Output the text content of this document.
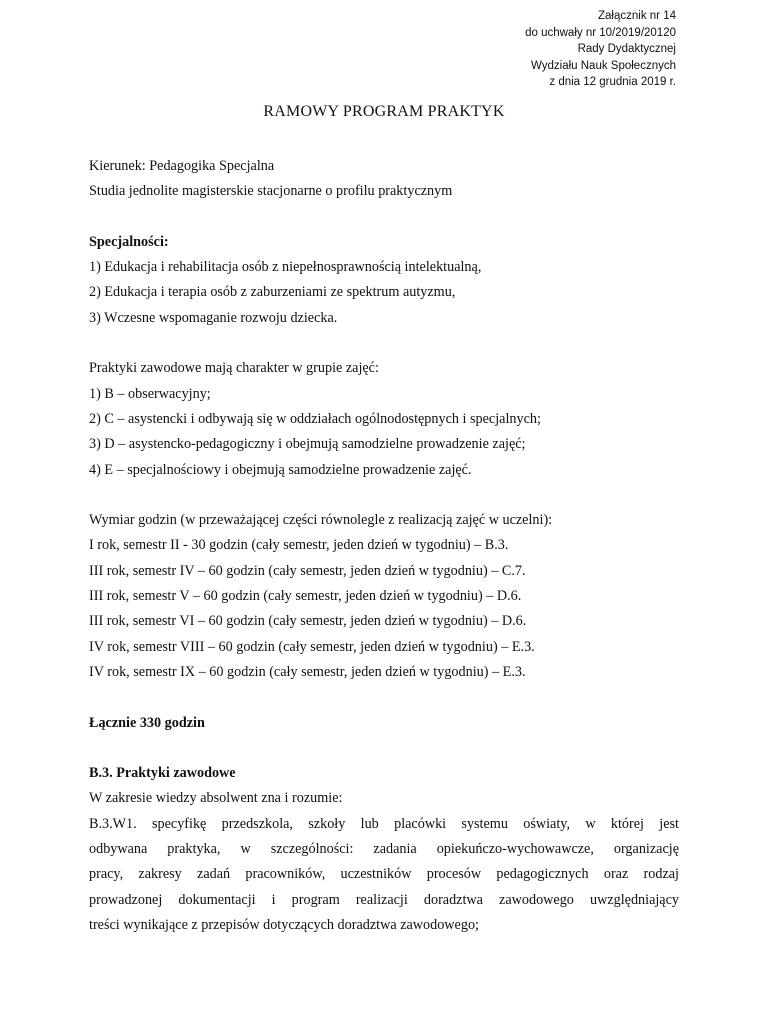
Załącznik nr 14
do uchwały nr 10/2019/20120
Rady Dydaktycznej
Wydziału Nauk Społecznych
z dnia 12 grudnia 2019 r.
RAMOWY PROGRAM PRAKTYK
Kierunek: Pedagogika Specjalna
Studia jednolite magisterskie stacjonarne o profilu praktycznym
Specjalności:
1) Edukacja i rehabilitacja osób z niepełnosprawnością intelektualną,
2) Edukacja i terapia osób z zaburzeniami ze spektrum autyzmu,
3) Wczesne wspomaganie rozwoju dziecka.
Praktyki zawodowe mają charakter w grupie zajęć:
1) B – obserwacyjny;
2) C – asystencki i odbywają się w oddziałach ogólnodostępnych i specjalnych;
3) D – asystencko-pedagogiczny i obejmują samodzielne prowadzenie zajęć;
4) E – specjalnościowy i obejmują samodzielne prowadzenie zajęć.
Wymiar godzin (w przeważającej części równolegle z realizacją zajęć w uczelni):
I rok, semestr II - 30 godzin (cały semestr, jeden dzień w tygodniu) – B.3.
III rok, semestr IV – 60 godzin (cały semestr, jeden dzień w tygodniu) – C.7.
III rok, semestr V – 60 godzin (cały semestr, jeden dzień w tygodniu) – D.6.
III rok, semestr VI – 60 godzin (cały semestr, jeden dzień w tygodniu) – D.6.
IV rok, semestr VIII – 60 godzin (cały semestr, jeden dzień w tygodniu) – E.3.
IV rok, semestr IX – 60 godzin (cały semestr, jeden dzień w tygodniu) – E.3.
Łącznie 330 godzin
B.3. Praktyki zawodowe
W zakresie wiedzy absolwent zna i rozumie:
B.3.W1. specyfikę przedszkola, szkoły lub placówki systemu oświaty, w której jest
odbywana praktyka, w szczególności: zadania opiekuńczo-wychowawcze, organizację
pracy, zakresy zadań pracowników, uczestników procesów pedagogicznych oraz rodzaj
prowadzonej dokumentacji i program realizacji doradztwa zawodowego uwzględniający
treści wynikające z przepisów dotyczących doradztwa zawodowego;
